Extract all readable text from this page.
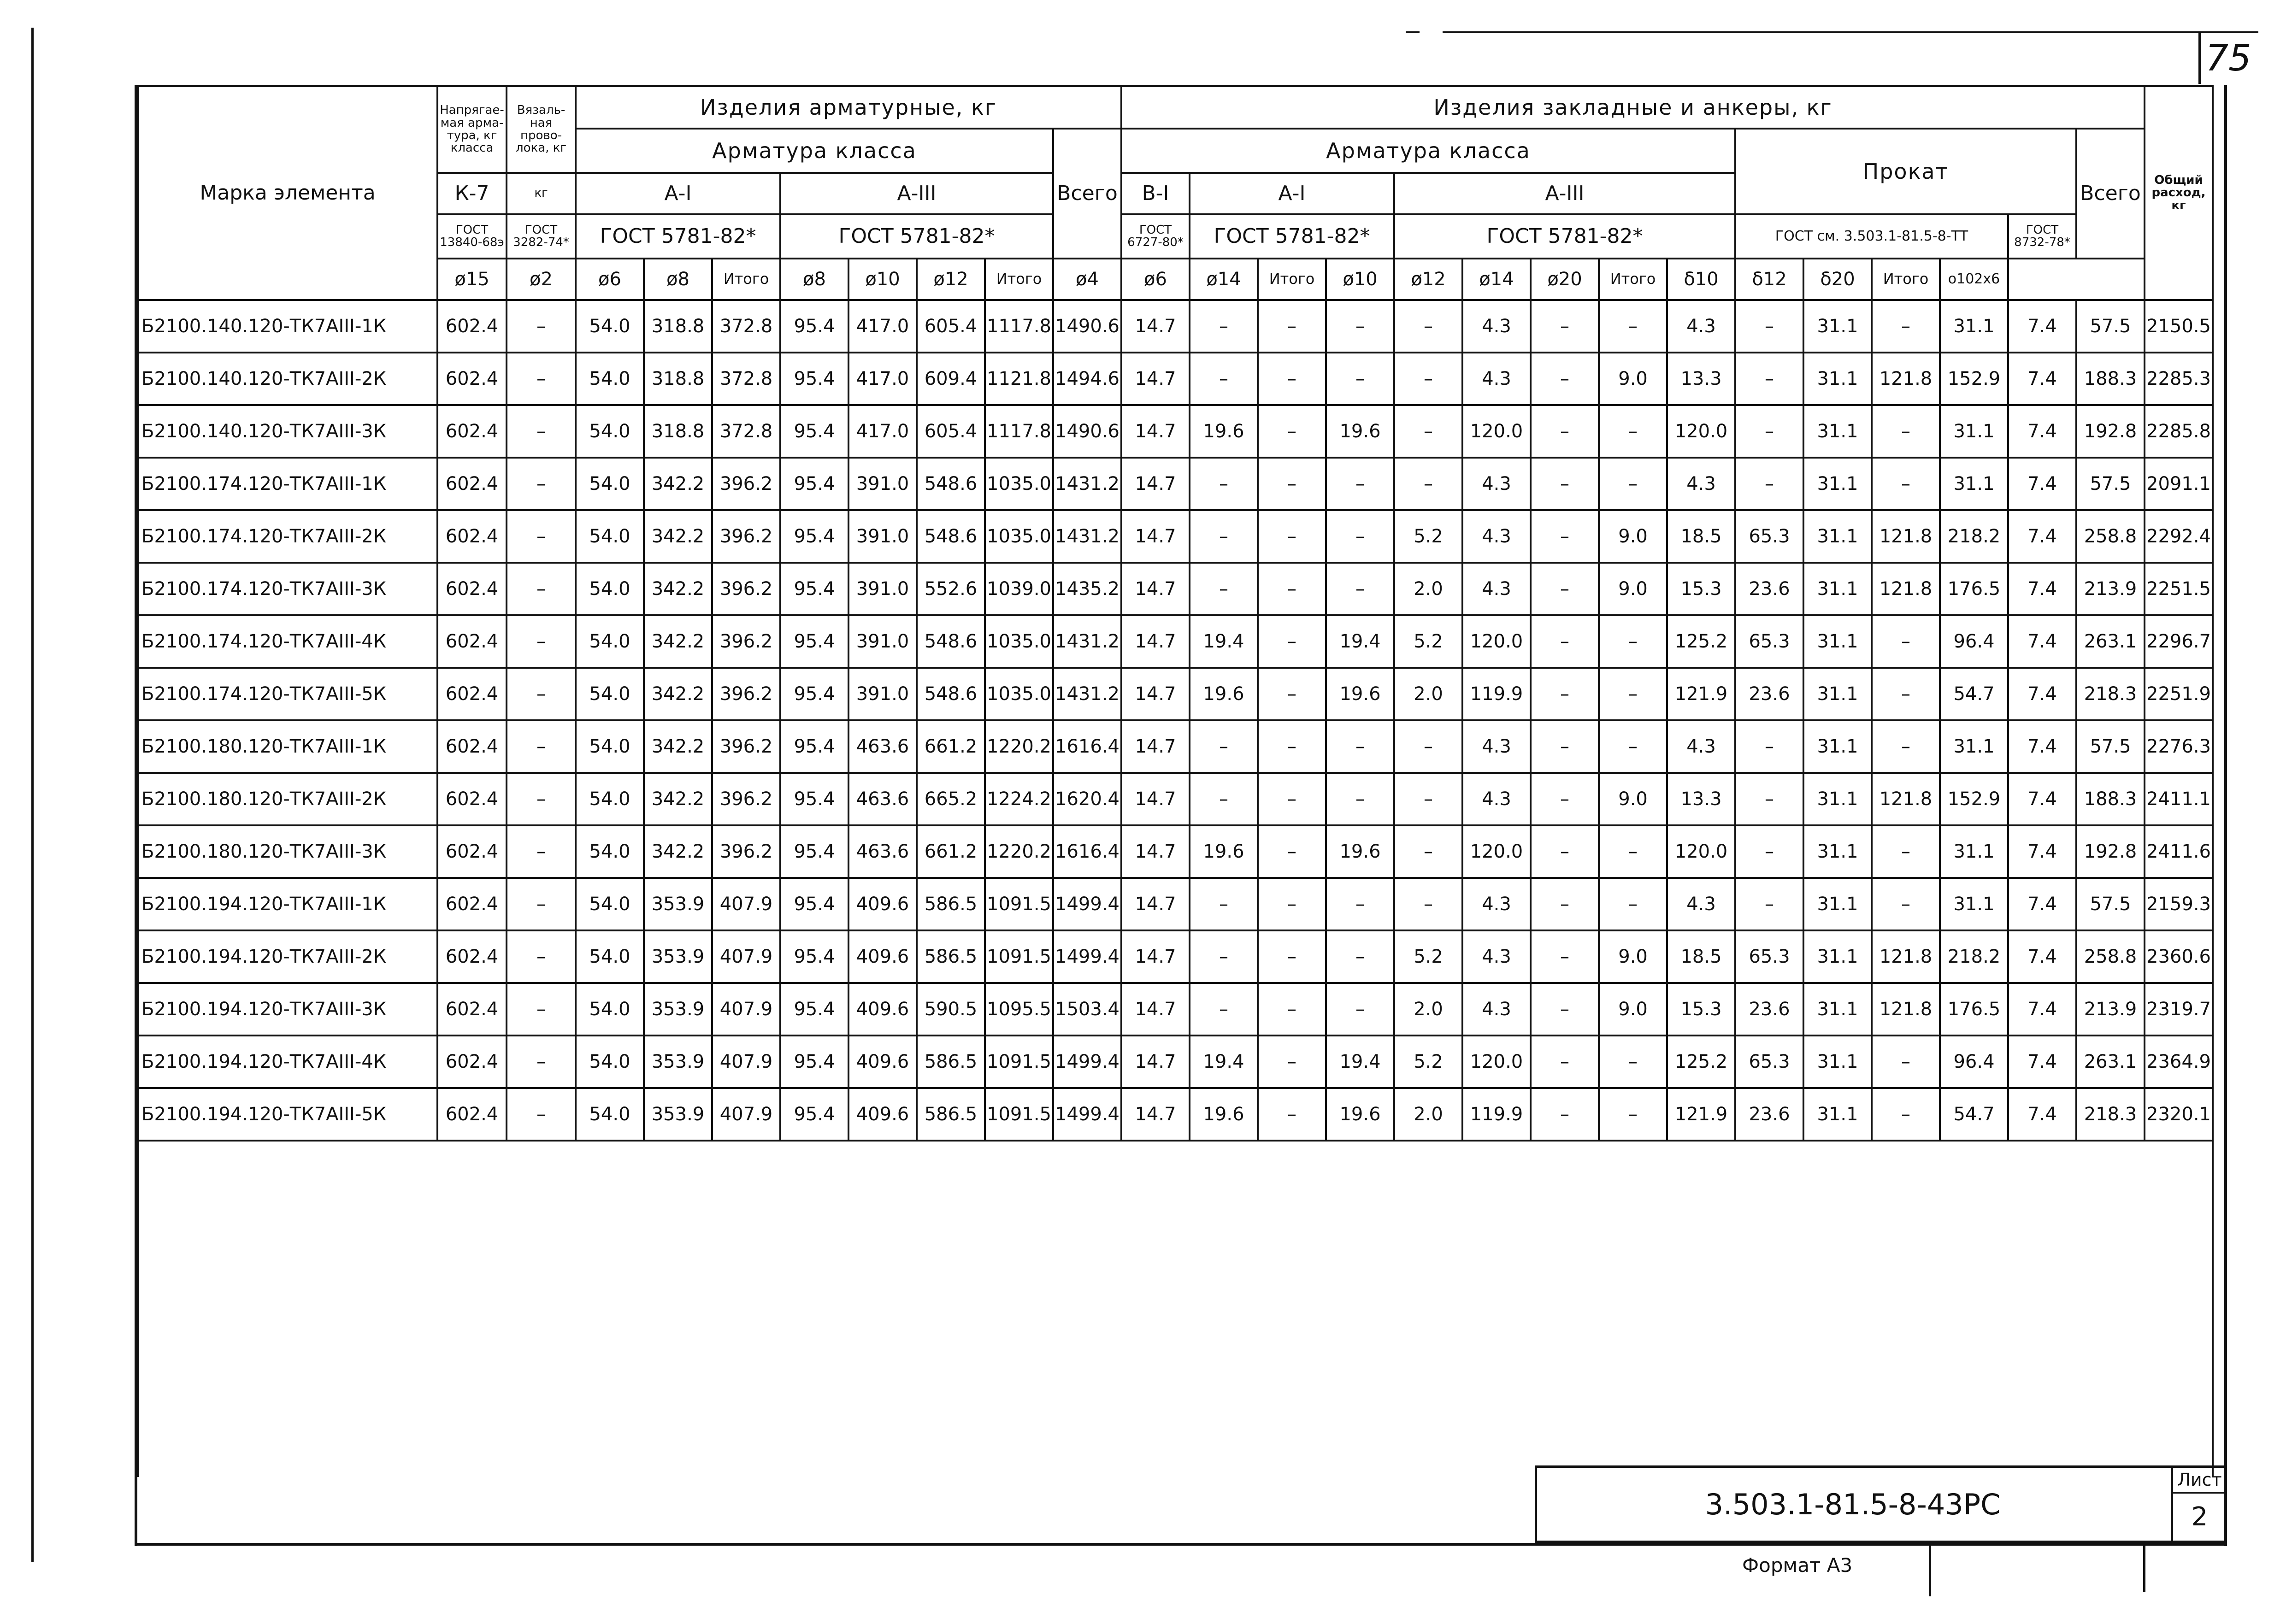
75
Марка элемента	Напрягае-мая арма-тура, кг класса	Вязаль-ная прово-лока, кг	Изделия арматурные, кг								Изделия закладные и анкеры, кг															Общий расход, кг
			Арматура класса							Всего	Арматура класса									Прокат					Всего	
	К-7	кг	А-I			А-III					В-I	А-I			А-III											
	ГОСТ 13840-68э	ГОСТ 3282-74*	ГОСТ 5781-82*			ГОСТ 5781-82*					ГОСТ 6727-80*	ГОСТ 5781-82*			ГОСТ 5781-82*					ГОСТ см. 3.503.1-81.5-8-ТТ				ГОСТ 8732-78*		
	ø15	ø2	ø6	ø8	Итого	ø8	ø10	ø12	Итого	ø4	ø6	ø14	Итого	ø10	ø12	ø14	ø20	Итого	δ10	δ12	δ20	Итого	о102х6			
Б2100.140.120-ТК7АIII-1К	602.4	–	54.0	318.8	372.8	95.4	417.0	605.4	1117.8	1490.6	14.7	–	–	–	–	4.3	–	–	4.3	–	31.1	–	31.1	7.4	57.5	2150.5
Б2100.140.120-ТК7АIII-2К	602.4	–	54.0	318.8	372.8	95.4	417.0	609.4	1121.8	1494.6	14.7	–	–	–	–	4.3	–	9.0	13.3	–	31.1	121.8	152.9	7.4	188.3	2285.3
Б2100.140.120-ТК7АIII-3К	602.4	–	54.0	318.8	372.8	95.4	417.0	605.4	1117.8	1490.6	14.7	19.6	–	19.6	–	120.0	–	–	120.0	–	31.1	–	31.1	7.4	192.8	2285.8
Б2100.174.120-ТК7АIII-1К	602.4	–	54.0	342.2	396.2	95.4	391.0	548.6	1035.0	1431.2	14.7	–	–	–	–	4.3	–	–	4.3	–	31.1	–	31.1	7.4	57.5	2091.1
Б2100.174.120-ТК7АIII-2К	602.4	–	54.0	342.2	396.2	95.4	391.0	548.6	1035.0	1431.2	14.7	–	–	–	5.2	4.3	–	9.0	18.5	65.3	31.1	121.8	218.2	7.4	258.8	2292.4
Б2100.174.120-ТК7АIII-3К	602.4	–	54.0	342.2	396.2	95.4	391.0	552.6	1039.0	1435.2	14.7	–	–	–	2.0	4.3	–	9.0	15.3	23.6	31.1	121.8	176.5	7.4	213.9	2251.5
Б2100.174.120-ТК7АIII-4К	602.4	–	54.0	342.2	396.2	95.4	391.0	548.6	1035.0	1431.2	14.7	19.4	–	19.4	5.2	120.0	–	–	125.2	65.3	31.1	–	96.4	7.4	263.1	2296.7
Б2100.174.120-ТК7АIII-5К	602.4	–	54.0	342.2	396.2	95.4	391.0	548.6	1035.0	1431.2	14.7	19.6	–	19.6	2.0	119.9	–	–	121.9	23.6	31.1	–	54.7	7.4	218.3	2251.9
Б2100.180.120-ТК7АIII-1К	602.4	–	54.0	342.2	396.2	95.4	463.6	661.2	1220.2	1616.4	14.7	–	–	–	–	4.3	–	–	4.3	–	31.1	–	31.1	7.4	57.5	2276.3
Б2100.180.120-ТК7АIII-2К	602.4	–	54.0	342.2	396.2	95.4	463.6	665.2	1224.2	1620.4	14.7	–	–	–	–	4.3	–	9.0	13.3	–	31.1	121.8	152.9	7.4	188.3	2411.1
Б2100.180.120-ТК7АIII-3К	602.4	–	54.0	342.2	396.2	95.4	463.6	661.2	1220.2	1616.4	14.7	19.6	–	19.6	–	120.0	–	–	120.0	–	31.1	–	31.1	7.4	192.8	2411.6
Б2100.194.120-ТК7АIII-1К	602.4	–	54.0	353.9	407.9	95.4	409.6	586.5	1091.5	1499.4	14.7	–	–	–	–	4.3	–	–	4.3	–	31.1	–	31.1	7.4	57.5	2159.3
Б2100.194.120-ТК7АIII-2К	602.4	–	54.0	353.9	407.9	95.4	409.6	586.5	1091.5	1499.4	14.7	–	–	–	5.2	4.3	–	9.0	18.5	65.3	31.1	121.8	218.2	7.4	258.8	2360.6
Б2100.194.120-ТК7АIII-3К	602.4	–	54.0	353.9	407.9	95.4	409.6	590.5	1095.5	1503.4	14.7	–	–	–	2.0	4.3	–	9.0	15.3	23.6	31.1	121.8	176.5	7.4	213.9	2319.7
Б2100.194.120-ТК7АIII-4К	602.4	–	54.0	353.9	407.9	95.4	409.6	586.5	1091.5	1499.4	14.7	19.4	–	19.4	5.2	120.0	–	–	125.2	65.3	31.1	–	96.4	7.4	263.1	2364.9
Б2100.194.120-ТК7АIII-5К	602.4	–	54.0	353.9	407.9	95.4	409.6	586.5	1091.5	1499.4	14.7	19.6	–	19.6	2.0	119.9	–	–	121.9	23.6	31.1	–	54.7	7.4	218.3	2320.1

3.503.1-81.5-8-43РС
Лист
2
Формат А3
